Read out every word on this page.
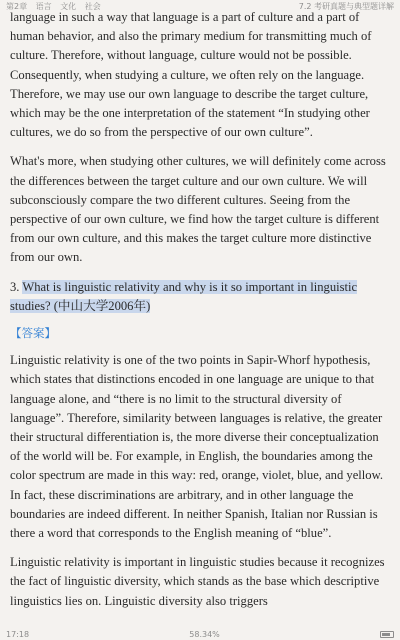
第2章 语言 文化 社会	7.2 考研真题与典型题详解

language in such a way that language is a part of culture and a part of human behavior, and also the primary medium for transmitting much of culture. Therefore, without language, culture would not be possible. Consequently, when studying a culture, we often rely on the language. Therefore, we may use our own language to describe the target culture, which may be the one interpretation of the statement “In studying other cultures, we do so from the perspective of our own culture”.

What's more, when studying other cultures, we will definitely come across the differences between the target culture and our own culture. We will subconsciously compare the two different cultures. Seeing from the perspective of our own culture, we find how the target culture is different from our own culture, and this makes the target culture more distinctive from our own.

3. What is linguistic relativity and why is it so important in linguistic studies? (中山大学2006年)

【答案】

Linguistic relativity is one of the two points in Sapir-Whorf hypothesis, which states that distinctions encoded in one language are unique to that language alone, and “there is no limit to the structural diversity of language”. Therefore, similarity between languages is relative, the greater their structural differentiation is, the more diverse their conceptualization of the world will be. For example, in English, the boundaries among the color spectrum are made in this way: red, orange, violet, blue, and yellow. In fact, these discriminations are arbitrary, and in other language the boundaries are indeed different. In neither Spanish, Italian nor Russian is there a word that corresponds to the English meaning of “blue”.

Linguistic relativity is important in linguistic studies because it recognizes the fact of linguistic diversity, which stands as the base which descriptive linguistics lies on. Linguistic diversity also triggers

17:18	58.34%
